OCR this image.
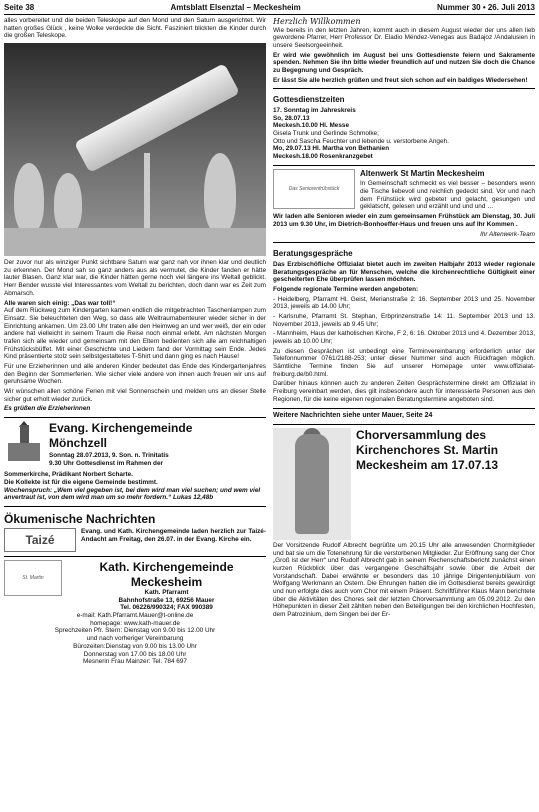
Seite 38	Amtsblatt Elsenztal – Meckesheim	Nummer 30 • 26. Juli 2013

alles vorbereitet und die beiden Teleskope auf den Mond und den Saturn ausgerichtet. Wir hatten großes Glück , keine Wolke verdeckte die Sicht. Fasziniert blickten die Kinder durch die großen Teleskope.

Der zuvor nur als winziger Punkt sichtbare Saturn war ganz nah vor ihnen klar und deutlich zu erkennen. Der Mond sah so ganz anders aus als vermutet, die Kinder fanden er hätte lauter Blasen. Ganz klar war, die Kinder hätten gerne noch viel längere ins Weltall geblickt. Herr Bender wusste viel Interessantes vom Weltall zu berichten, doch dann war es Zeit zum Abmarsch.

Alle waren sich einig: „Das war toll!“

Auf dem Rückweg zum Kindergarten kamen endlich die mitgebrachten Taschenlampen zum Einsatz. Sie beleuchteten den Weg, so dass alle Weltraumabenteurer wieder sicher in der Einrichtung ankamen. Um 23.00 Uhr traten alle den Heimweg an und wer weiß, der ein oder andere hat vielleicht in seinem Traum die Reise noch einmal erlebt. Am nächsten Morgen trafen sich alle wieder und gemeinsam mit den Eltern bedienten sich alle am reichhaltigen Frühstücksbüffet. Mit einer Geschichte und Liedern fand der Vormittag sein Ende. Jedes Kind präsentierte stolz sein selbstgestaltetes T-Shirt und dann ging es nach Hause!

Für une Erzieherinnen und alle anderen Kinder bedeutet das Ende des Kindergartenjahres den Beginn der Sommerferien. Wie sicher viele andere von ihnen auch freuen wir uns auf geruhsame Wochen.

Wir wünschen allen schöne Ferien mit viel Sonnenschein und melden uns an dieser Stelle sicher gut erholt wieder zurück.

Es grüßen die Erzieherinnen

Evang. Kirchengemeinde
Mönchzell
Sonntag 28.07.2013, 9. Son. n. Trinitatis
9.30 Uhr Gottesdienst im Rahmen der
Sommerkirche, Prädikant Norbert Scharte.
Die Kollekte ist für die eigene Gemeinde bestimmt.
Wochenspruch: „Wem viel gegeben ist, bei dem wird man viel suchen; und wem viel anvertraut ist, von dem wird man um so mehr fordern.“ Lukas 12,48b
Ökumenische Nachrichten
Taizé

Evang. und Kath. Kirchengemeinde laden herzlich zur Taizé-Andacht am Freitag, den 26.07. in der Evang. Kirche ein.

St. Martin
Kath. Kirchengemeinde
Meckesheim
Kath. Pfarramt
Bahnhofstraße 13, 69256 Mauer
Tel. 06226/990324; FAX 990389
e-mail: Kath.Pfarramt.Mauer@t-online.de
homepage: www.kath-mauer.de
Sprechzeiten Pfr. Stern: Dienstag von 9.00 bis 12.00 Uhr
und nach vorheriger Vereinbarung
Bürozeiten:Dienstag von 9.00 bis 13.00 Uhr
Donnerstag von 17.00 bis 18.00 Uhr
Mesnerin Frau Mainzer: Tel. 784 697
Herzlich Willkommen

Wie bereits in den letzten Jahren, kommt auch in diesem August wieder der uns allen lieb gewordene Pfarrer, Herr Professor Dr. Eladio Méndez-Venegas aus Badajoz /Andalusien in unsere Seelsorgeeinheit.

Er wird wie gewöhnlich im August bei uns Gottesdienste feiern und Sakramente spenden. Nehmen Sie ihn bitte wieder freundlich auf und nutzen Sie doch die Chance zu Begegnung und Gespräch.

Er lässt Sie alle herzlich grüßen und freut sich schon auf ein baldiges Wiedersehen!

Gottesdienstzeiten
17. Sonntag im Jahreskreis
So, 28.07.13
Meckesh.10.00 Hl. Messe
Gisela Trunk und Gerlinde Schmolke;
Otto und Sascha Feuchter und lebende u. verstorbene Angeh.
Mo, 29.07.13 Hl. Martha von Bethanien
Meckesh.18.00 Rosenkranzgebet
Das Seniorenfrühstück
Altenwerk St Martin Meckesheim

In Gemeinschaft schmeckt es viel besser – besonders wenn die Tische liebevoll und reichlich gedeckt sind. Vor und nach dem Frühstück wird gebetet und gelacht, gesungen und geklatscht, gelesen und erzählt und und und …

Wir laden alle Senioren wieder ein zum gemeinsamen Frühstück am Dienstag, 30. Juli 2013 um 9.30 Uhr, im Dietrich-Bonhoeffer-Haus und freuen uns auf Ihr Kommen .

Ihr Altenwerk-Team

Beratungsgespräche

Das Erzbischöfliche Offizialat bietet auch im zweiten Halbjahr 2013 wieder regionale Beratungsgespräche an für Menschen, welche die kirchenrechtliche Gültigkeit einer gescheiterten Ehe überprüfen lassen möchten.

Folgende regionale Termine werden angeboten:

- Heidelberg, Pfarramt Hl. Geist, Merianstraße 2: 16. September 2013 und 25. November 2013, jeweils ab 14.00 Uhr;

- Karlsruhe, Pfarramt St. Stephan, Erbprinzenstraße 14: 11. September 2013 und 13. November 2013, jeweils ab 9.45 Uhr;

- Mannheim, Haus der katholischen Kirche, F 2, 6: 16. Oktober 2013 und 4. Dezember 2013, jeweils ab 10.00 Uhr;

Zu diesen Gesprächen ist unbedingt eine Terminvereinbarung erforderlich unter der Telefonnummer 0761/2188-253; unter dieser Nummer sind auch Rückfragen möglich. Sämtliche Termine finden Sie auf unserer Homepage unter www.offizialat-freiburg.de/b0.html.

Darüber hinaus können auch zu anderen Zeiten Gesprächstermine direkt am Offizialat in Freiburg vereinbart werden, dies gilt insbesondere auch für interessierte Personen aus den Regionen, für die keine eigenen regionalen Beratungstermine angeboten sind.

Weitere Nachrichten siehe unter Mauer, Seite 24
Chorversammlung des Kirchenchores St. Martin Meckesheim am 17.07.13

Der Vorsitzende Rudolf Albrecht begrüßte um 20.15 Uhr alle anwesenden Chormitglieder und bat sie um die Totenehrung für die verstorbenen Mitglieder. Zur Eröffnung sang der Chor „Groß ist der Herr“ und Rudolf Albrecht gab in seinem Rechenschaftsbericht zunächst einen kurzen Rückblick über das vergangene Geschäftsjahr sowie über die Arbeit der Vorstandschaft. Dabei erwähnte er besonders das 10 jährige Dirigentenjubiläum von Wolfgang Werkmann an Ostern. Die Ehrungen hatten die im Gottesdienst bereits gewürdigt und nun erfolgte dies auch vom Chor mit einem Präsent. Schriftführer Klaus Mann berichtete über die Aktivitäten des Chores seit der letzten Chorversammlung am 05.09.2012. Zu den Höhepunkten in dieser Zeit zählten neben den Beteiligungen bei den kirchlichen Hochfesten, dem Patrozinium, dem Singen bei der Er-
